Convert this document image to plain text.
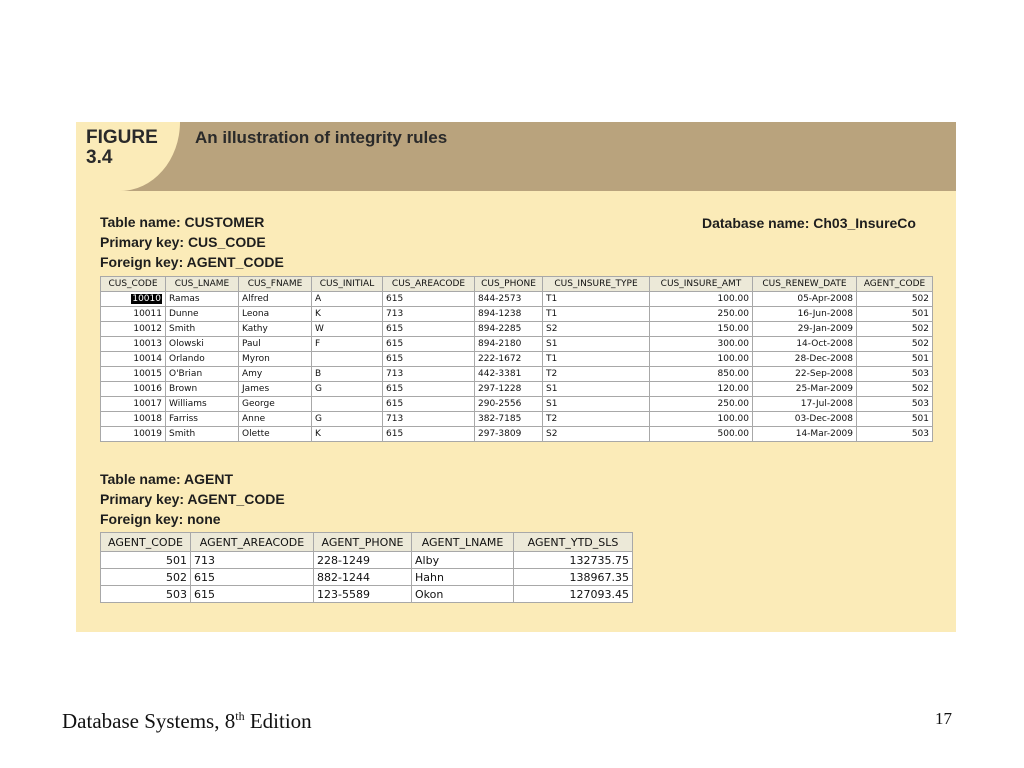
FIGURE 3.4
An illustration of integrity rules
Database name: Ch03_InsureCo
Table name: CUSTOMER
Primary key: CUS_CODE
Foreign key: AGENT_CODE
Table name: AGENT
Primary key: AGENT_CODE
Foreign key: none
CUS_CODE	CUS_LNAME	CUS_FNAME	CUS_INITIAL	CUS_AREACODE	CUS_PHONE	CUS_INSURE_TYPE	CUS_INSURE_AMT	CUS_RENEW_DATE	AGENT_CODE
10010	Ramas	Alfred	A	615	844-2573	T1	100.00	05-Apr-2008	502
10011	Dunne	Leona	K	713	894-1238	T1	250.00	16-Jun-2008	501
10012	Smith	Kathy	W	615	894-2285	S2	150.00	29-Jan-2009	502
10013	Olowski	Paul	F	615	894-2180	S1	300.00	14-Oct-2008	502
10014	Orlando	Myron		615	222-1672	T1	100.00	28-Dec-2008	501
10015	O'Brian	Amy	B	713	442-3381	T2	850.00	22-Sep-2008	503
10016	Brown	James	G	615	297-1228	S1	120.00	25-Mar-2009	502
10017	Williams	George		615	290-2556	S1	250.00	17-Jul-2008	503
10018	Farriss	Anne	G	713	382-7185	T2	100.00	03-Dec-2008	501
10019	Smith	Olette	K	615	297-3809	S2	500.00	14-Mar-2009	503
AGENT_CODE	AGENT_AREACODE	AGENT_PHONE	AGENT_LNAME	AGENT_YTD_SLS
501	713	228-1249	Alby	132735.75
502	615	882-1244	Hahn	138967.35
503	615	123-5589	Okon	127093.45
Database Systems, 8th Edition	17
